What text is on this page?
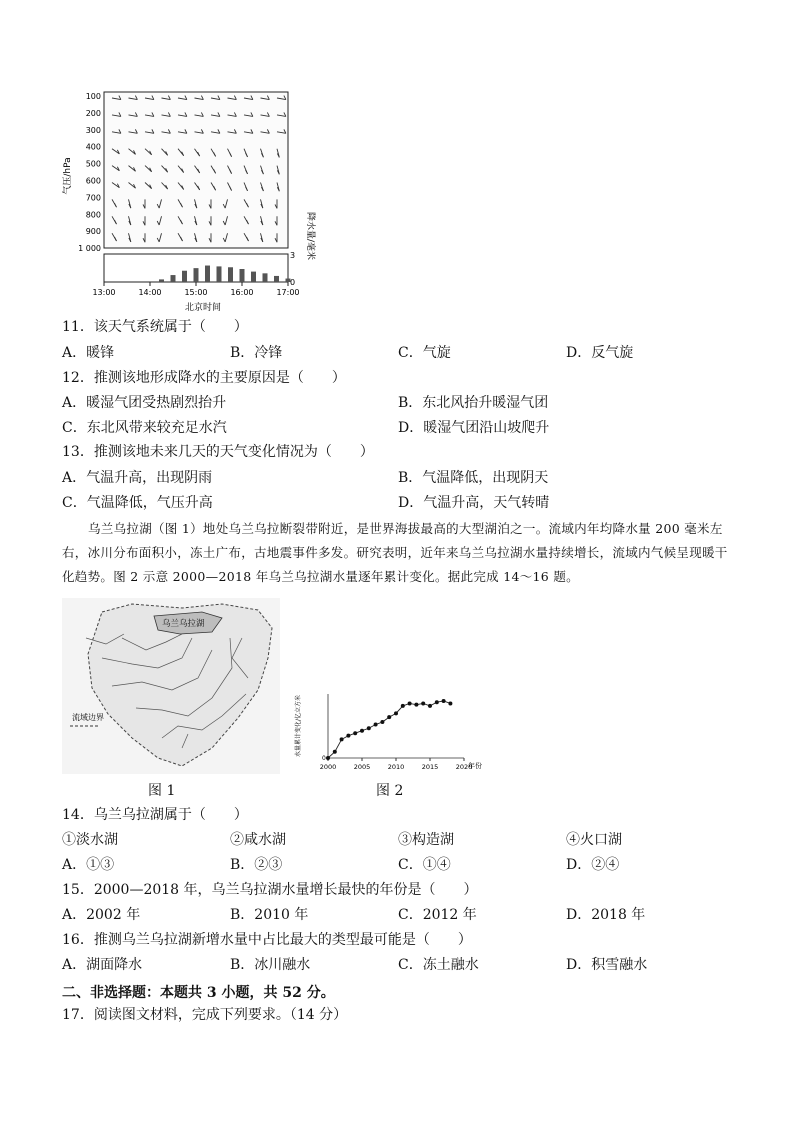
100
200
300
400
500
600
700
800
900
1 000
气压/hPa
降水量/毫米
3
0
13:00	14:00	15:00	16:00	17:00
北京时间
11．该天气系统属于（　　）
A．暖锋	B．冷锋	C．气旋	D．反气旋
12．推测该地形成降水的主要原因是（　　）
A．暖湿气团受热剧烈抬升	B．东北风抬升暖湿气团
C．东北风带来较充足水汽	D．暖湿气团沿山坡爬升
13．推测该地未来几天的天气变化情况为（　　）
A．气温升高，出现阴雨	B．气温降低，出现阴天
C．气温降低，气压升高	D．气温升高，天气转晴
乌兰乌拉湖（图 1）地处乌兰乌拉断裂带附近，是世界海拔最高的大型湖泊之一。流域内年均降水量 200 毫米左右，冰川分布面积小，冻土广布，古地震事件多发。研究表明，近年来乌兰乌拉湖水量持续增长，流域内气候呈现暖干化趋势。图 2 示意 2000—2018 年乌兰乌拉湖水量逐年累计变化。据此完成 14～16 题。
乌兰乌拉湖
流域边界
图 1
水量累计变化/亿立方米
0
2000	2005	2010	2015	2020
年份
图 2
14．乌兰乌拉湖属于（　　）
①淡水湖	②咸水湖	③构造湖	④火口湖
A．①③	B．②③	C．①④	D．②④
15．2000—2018 年，乌兰乌拉湖水量增长最快的年份是（　　）
A．2002 年	B．2010 年	C．2012 年	D．2018 年
16．推测乌兰乌拉湖新增水量中占比最大的类型最可能是（　　）
A．湖面降水	B．冰川融水	C．冻土融水	D．积雪融水
二、非选择题：本题共 3 小题，共 52 分。
17．阅读图文材料，完成下列要求。（14 分）
